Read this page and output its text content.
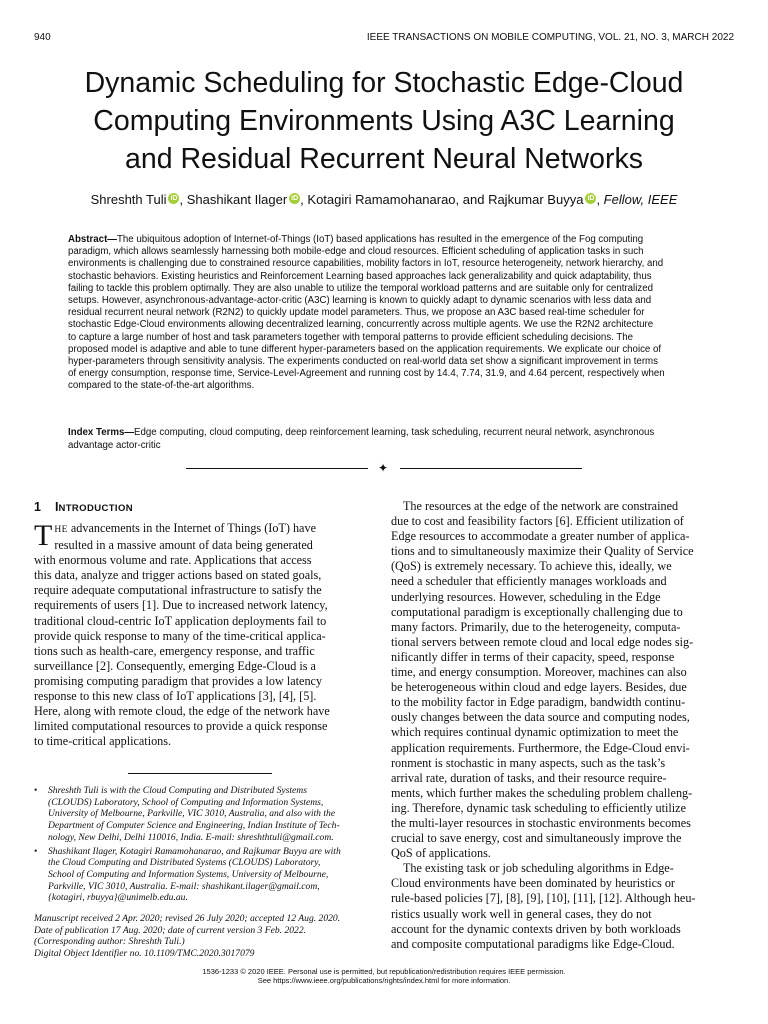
940	IEEE TRANSACTIONS ON MOBILE COMPUTING, VOL. 21, NO. 3, MARCH 2022
Dynamic Scheduling for Stochastic Edge-Cloud
Computing Environments Using A3C Learning
and Residual Recurrent Neural Networks
Shreshth Tuli iD , Shashikant Ilager iD , Kotagiri Ramamohanarao, and Rajkumar Buyya iD , Fellow, IEEE
Abstract—The ubiquitous adoption of Internet-of-Things (IoT) based applications has resulted in the emergence of the Fog computing
paradigm, which allows seamlessly harnessing both mobile-edge and cloud resources. Efficient scheduling of application tasks in such
environments is challenging due to constrained resource capabilities, mobility factors in IoT, resource heterogeneity, network hierarchy, and
stochastic behaviors. Existing heuristics and Reinforcement Learning based approaches lack generalizability and quick adaptability, thus
failing to tackle this problem optimally. They are also unable to utilize the temporal workload patterns and are suitable only for centralized
setups. However, asynchronous-advantage-actor-critic (A3C) learning is known to quickly adapt to dynamic scenarios with less data and
residual recurrent neural network (R2N2) to quickly update model parameters. Thus, we propose an A3C based real-time scheduler for
stochastic Edge-Cloud environments allowing decentralized learning, concurrently across multiple agents. We use the R2N2 architecture
to capture a large number of host and task parameters together with temporal patterns to provide efficient scheduling decisions. The
proposed model is adaptive and able to tune different hyper-parameters based on the application requirements. We explicate our choice of
hyper-parameters through sensitivity analysis. The experiments conducted on real-world data set show a significant improvement in terms
of energy consumption, response time, Service-Level-Agreement and running cost by 14.4, 7.74, 31.9, and 4.64 percent, respectively when
compared to the state-of-the-art algorithms.
Index Terms—Edge computing, cloud computing, deep reinforcement learning, task scheduling, recurrent neural network, asynchronous
advantage actor-critic
✦
1 INTRODUCTION
T HE advancements in the Internet of Things (IoT) have
resulted in a massive amount of data being generated
with enormous volume and rate. Applications that access
this data, analyze and trigger actions based on stated goals,
require adequate computational infrastructure to satisfy the
requirements of users [1]. Due to increased network latency,
traditional cloud-centric IoT application deployments fail to
provide quick response to many of the time-critical applica-
tions such as health-care, emergency response, and traffic
surveillance [2]. Consequently, emerging Edge-Cloud is a
promising computing paradigm that provides a low latency
response to this new class of IoT applications [3], [4], [5].
Here, along with remote cloud, the edge of the network have
limited computational resources to provide a quick response
to time-critical applications.
• Shreshth Tuli is with the Cloud Computing and Distributed Systems
(CLOUDS) Laboratory, School of Computing and Information Systems,
University of Melbourne, Parkville, VIC 3010, Australia, and also with the
Department of Computer Science and Engineering, Indian Institute of Tech-
nology, New Delhi, Delhi 110016, India. E-mail: shreshthtuli@gmail.com.
• Shashikant Ilager, Kotagiri Ramamohanarao, and Rajkumar Buyya are with
the Cloud Computing and Distributed Systems (CLOUDS) Laboratory,
School of Computing and Information Systems, University of Melbourne,
Parkville, VIC 3010, Australia. E-mail: shashikant.ilager@gmail.com,
{kotagiri, rbuyya}@unimelb.edu.au.
Manuscript received 2 Apr. 2020; revised 26 July 2020; accepted 12 Aug. 2020.
Date of publication 17 Aug. 2020; date of current version 3 Feb. 2022.
(Corresponding author: Shreshth Tuli.)
Digital Object Identifier no. 10.1109/TMC.2020.3017079
The resources at the edge of the network are constrained
due to cost and feasibility factors [6]. Efficient utilization of
Edge resources to accommodate a greater number of applica-
tions and to simultaneously maximize their Quality of Service
(QoS) is extremely necessary. To achieve this, ideally, we
need a scheduler that efficiently manages workloads and
underlying resources. However, scheduling in the Edge
computational paradigm is exceptionally challenging due to
many factors. Primarily, due to the heterogeneity, computa-
tional servers between remote cloud and local edge nodes sig-
nificantly differ in terms of their capacity, speed, response
time, and energy consumption. Moreover, machines can also
be heterogeneous within cloud and edge layers. Besides, due
to the mobility factor in Edge paradigm, bandwidth continu-
ously changes between the data source and computing nodes,
which requires continual dynamic optimization to meet the
application requirements. Furthermore, the Edge-Cloud envi-
ronment is stochastic in many aspects, such as the task’s
arrival rate, duration of tasks, and their resource require-
ments, which further makes the scheduling problem challeng-
ing. Therefore, dynamic task scheduling to efficiently utilize
the multi-layer resources in stochastic environments becomes
crucial to save energy, cost and simultaneously improve the
QoS of applications.
The existing task or job scheduling algorithms in Edge-
Cloud environments have been dominated by heuristics or
rule-based policies [7], [8], [9], [10], [11], [12]. Although heu-
ristics usually work well in general cases, they do not
account for the dynamic contexts driven by both workloads
and composite computational paradigms like Edge-Cloud.
1536-1233 © 2020 IEEE. Personal use is permitted, but republication/redistribution requires IEEE permission.
See https://www.ieee.org/publications/rights/index.html for more information.
